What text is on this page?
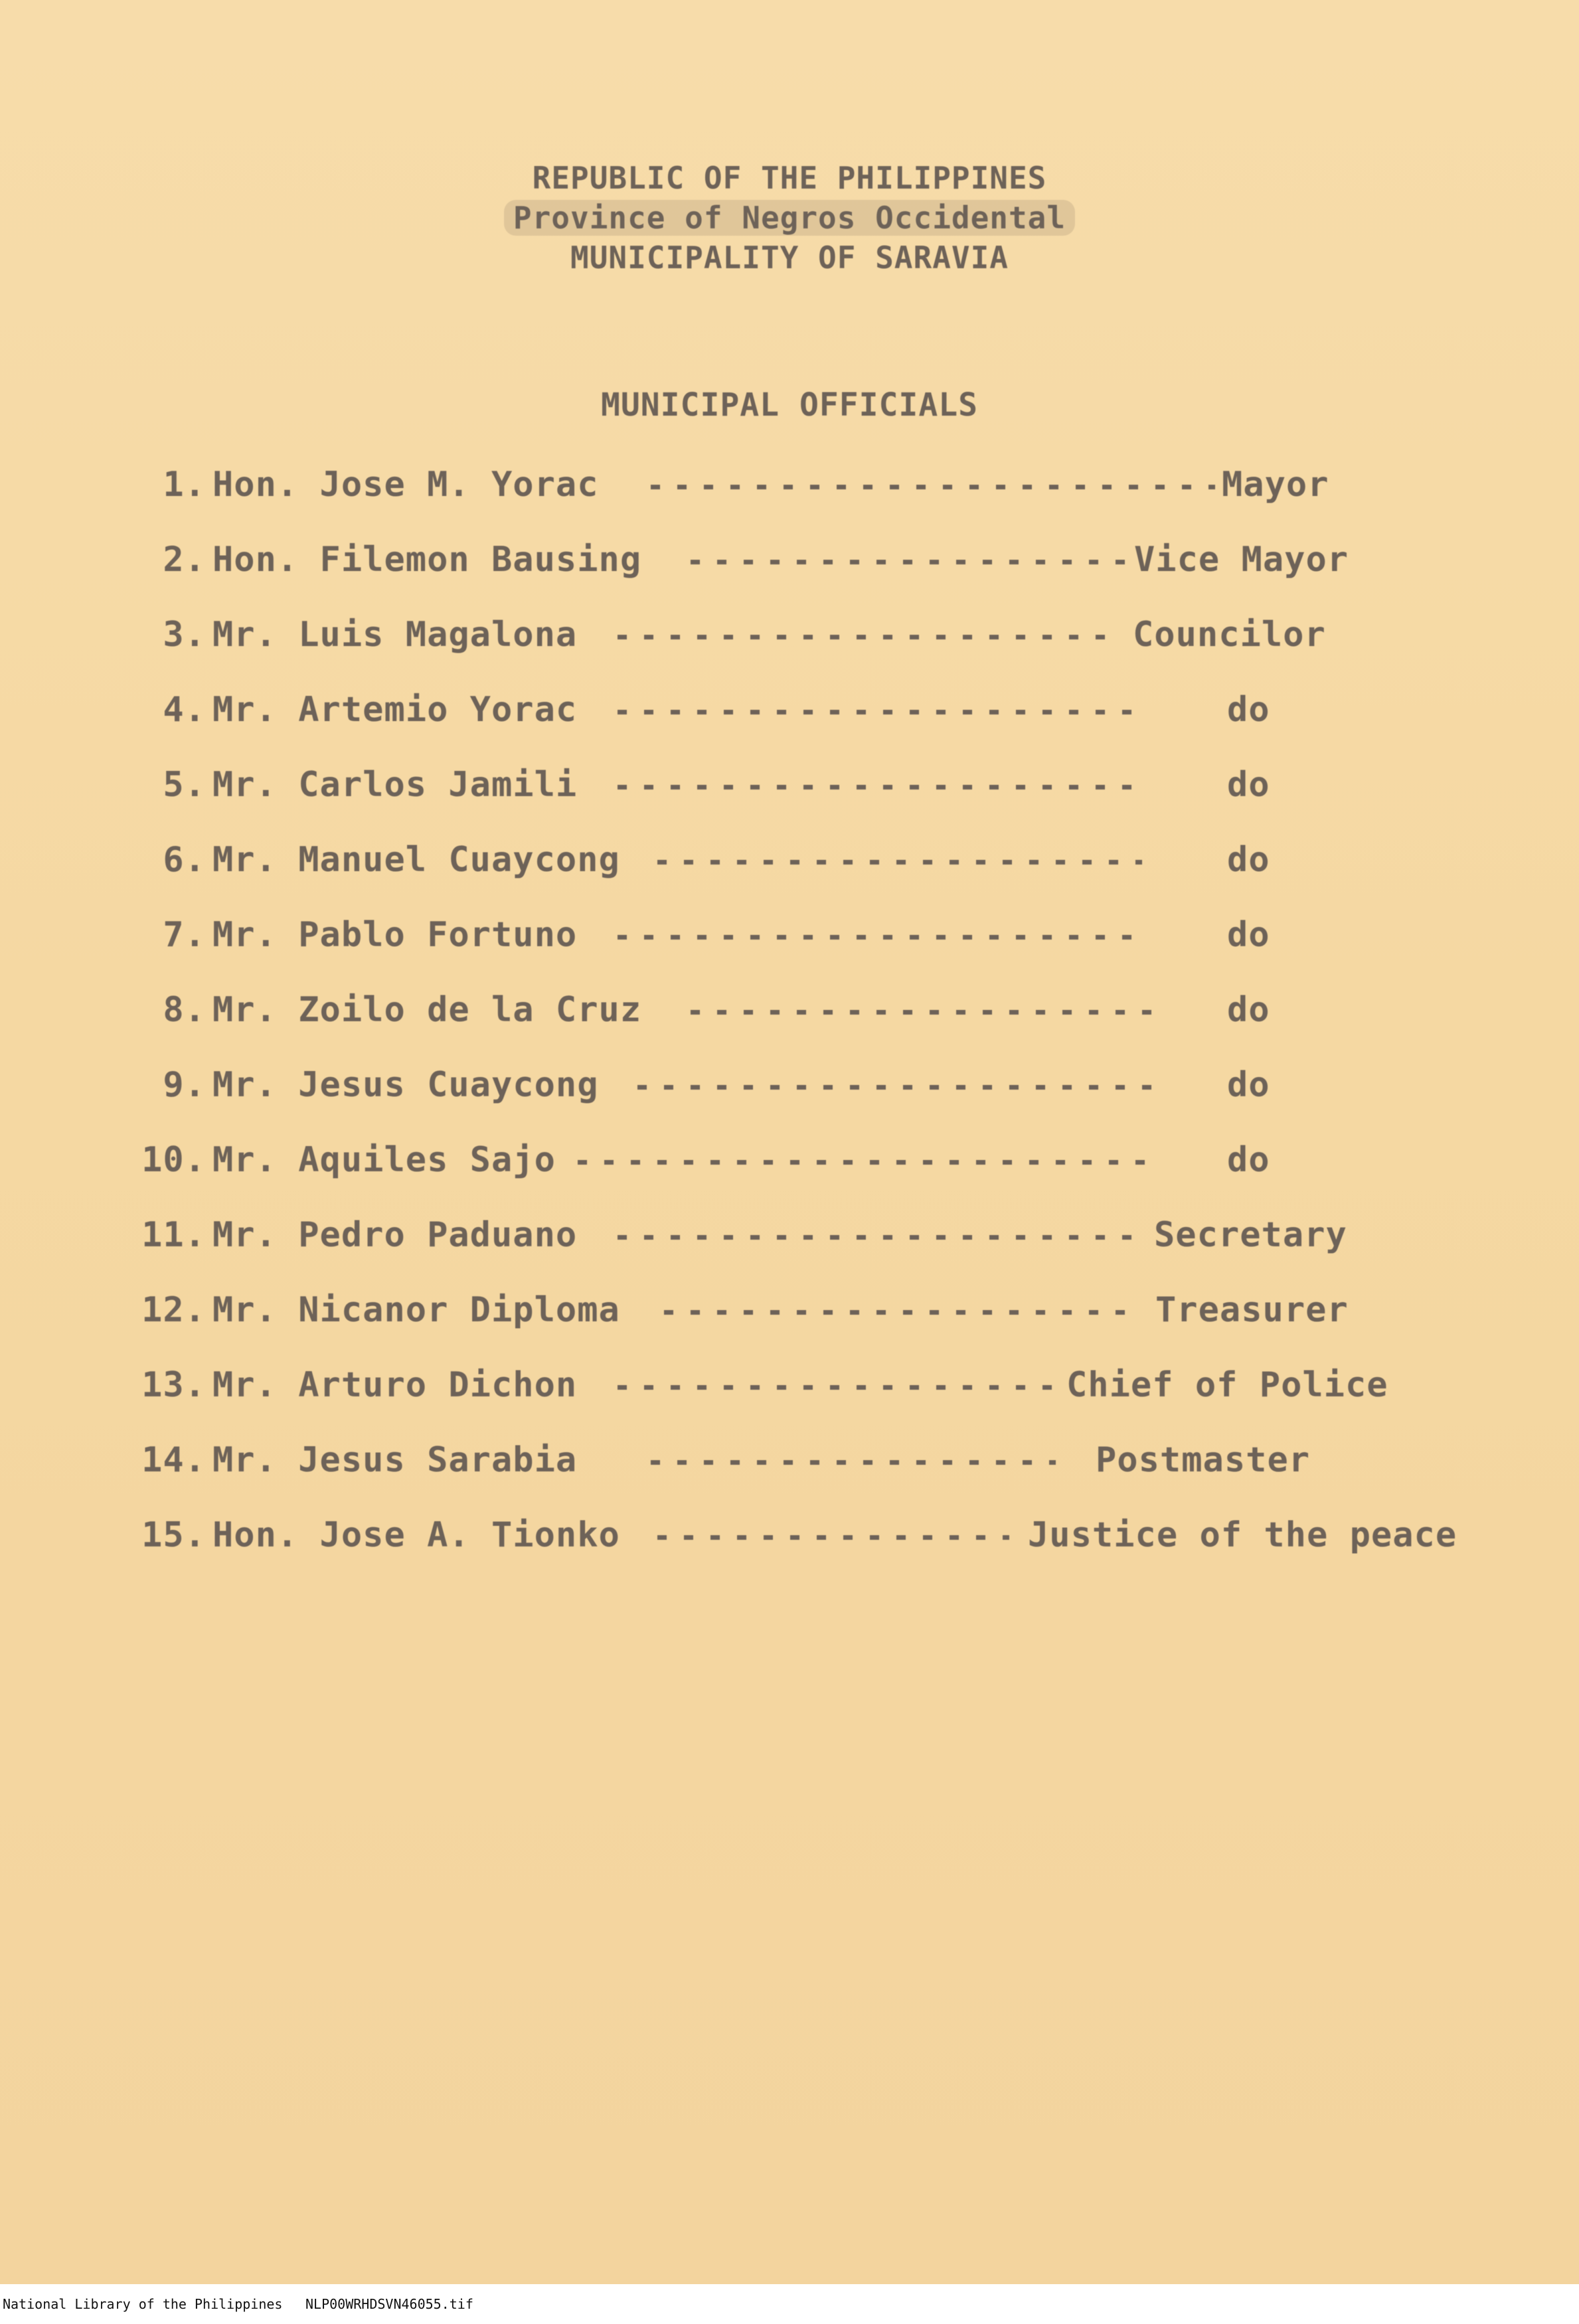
REPUBLIC OF THE PHILIPPINES
Province of Negros Occidental
MUNICIPALITY OF SARAVIA
MUNICIPAL OFFICIALS
1. Hon. Jose M. Yorac	Mayor
2. Hon. Filemon Bausing	Vice Mayor
3. Mr. Luis Magalona	Councilor
4. Mr. Artemio Yorac	do
5. Mr. Carlos Jamili	do
6. Mr. Manuel Cuaycong	do
7. Mr. Pablo Fortuno	do
8. Mr. Zoilo de la Cruz	do
9. Mr. Jesus Cuaycong	do
10. Mr. Aquiles Sajo	do
11. Mr. Pedro Paduano	Secretary
12. Mr. Nicanor Diploma	Treasurer
13. Mr. Arturo Dichon	Chief of Police
14. Mr. Jesus Sarabia	Postmaster
15. Hon. Jose A. Tionko	Justice of the peace
National Library of the Philippines NLP00WRHDSVN46055.tif
